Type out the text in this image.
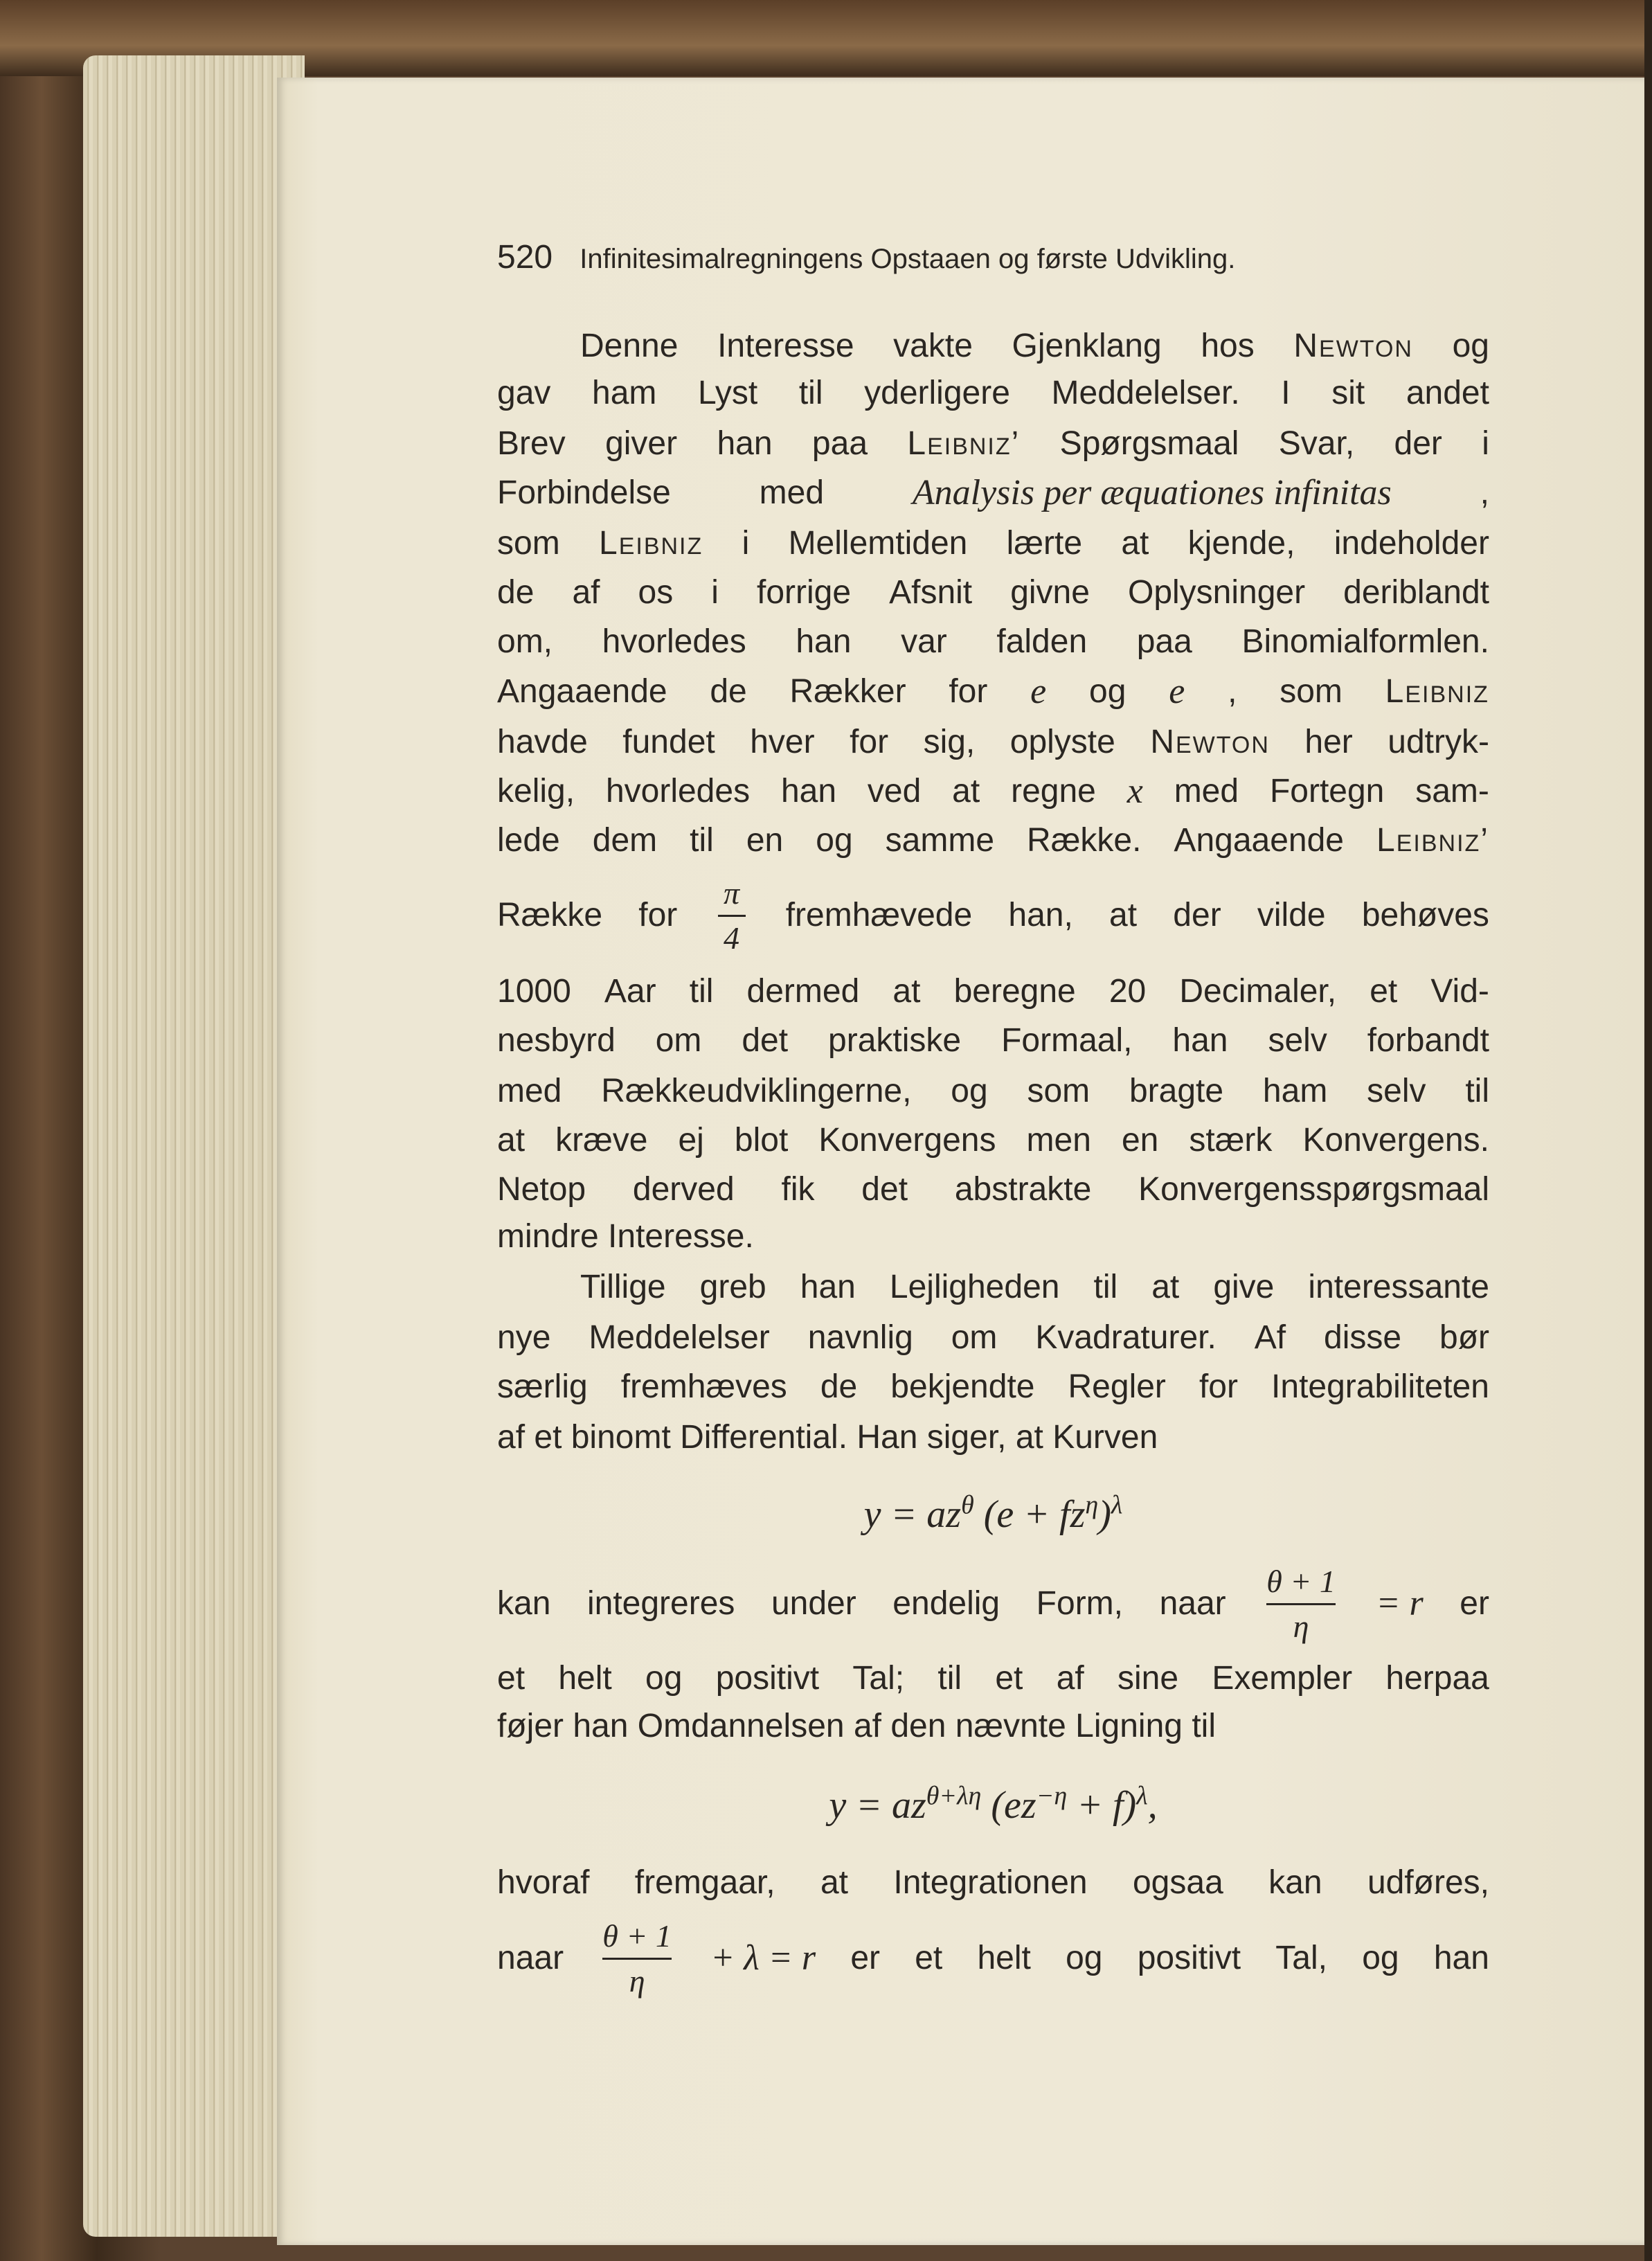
520 Infinitesimalregningens Opstaaen og første Udvikling.
Denne Interesse vakte Gjenklang hos Newton og
gav ham Lyst til yderligere Meddelelser. I sit andet
Brev giver han paa Leibniz’ Spørgsmaal Svar, der i
Forbindelse	med Analysis per æquationes infinitas	,
som Leibniz i Mellemtiden lærte at kjende, indeholder
de af os i forrige Afsnit givne Oplysninger deriblandt
om, hvorledes han var falden paa Binomialformlen.
Angaaende de Rækker for e og e , som Leibniz
havde fundet hver for sig, oplyste Newton her udtryk-
kelig, hvorledes han ved at regne x med Fortegn sam-
lede dem til en og samme Række. Angaaende Leibniz’
Række for $\frac{\pi}{4}$ fremhævede han, at der vilde behøves
1000 Aar til dermed at beregne 20 Decimaler, et Vid-
nesbyrd om det praktiske Formaal, han selv forbandt
med Rækkeudviklingerne, og som bragte ham selv til
at kræve ej blot Konvergens men en stærk Konvergens.
Netop derved fik det abstrakte Konvergensspørgsmaal
mindre Interesse.
Tillige greb han Lejligheden til at give interessante
nye Meddelelser navnlig om Kvadraturer. Af disse bør
særlig fremhæves de bekjendte Regler for Integrabiliteten
af et binomt Differential. Han siger, at Kurven
kan integreres under endelig Form, naar $\frac{\theta + 1}{\eta} = r$ er
et helt og positivt Tal; til et af sine Exempler herpaa
føjer han Omdannelsen af den nævnte Ligning til
hvoraf fremgaar, at Integrationen ogsaa kan udføres,
naar $\frac{\theta + 1}{\eta} + \lambda = r$ er et helt og positivt Tal, og han
$y = az^\theta$ $(e + fz^\eta)^\lambda$
$y = az^{\theta+\lambda\eta}$ $(ez^{-\eta} + f)^\lambda$,
